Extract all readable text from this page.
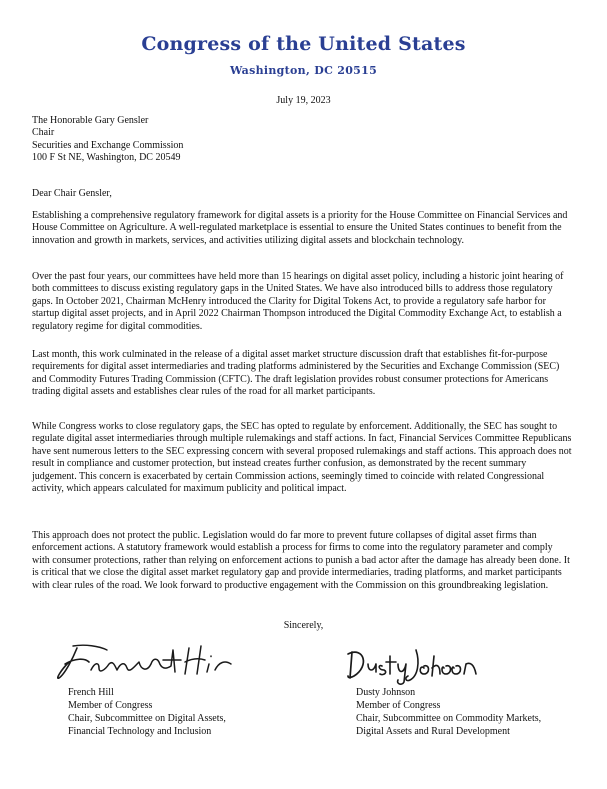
Congress of the United States
Washington, DC 20515
July 19, 2023
The Honorable Gary Gensler
Chair
Securities and Exchange Commission
100 F St NE, Washington, DC 20549
Dear Chair Gensler,
Establishing a comprehensive regulatory framework for digital assets is a priority for the House Committee on Financial Services and House Committee on Agriculture. A well-regulated marketplace is essential to ensure the United States continues to benefit from the innovation and growth in markets, services, and activities utilizing digital assets and blockchain technology.
Over the past four years, our committees have held more than 15 hearings on digital asset policy, including a historic joint hearing of both committees to discuss existing regulatory gaps in the United States. We have also introduced bills to address those regulatory gaps. In October 2021, Chairman McHenry introduced the Clarity for Digital Tokens Act, to provide a regulatory safe harbor for startup digital asset projects, and in April 2022 Chairman Thompson introduced the Digital Commodity Exchange Act, to establish a regulatory regime for digital commodities.
Last month, this work culminated in the release of a digital asset market structure discussion draft that establishes fit-for-purpose requirements for digital asset intermediaries and trading platforms administered by the Securities and Exchange Commission (SEC) and Commodity Futures Trading Commission (CFTC). The draft legislation provides robust consumer protections for Americans trading digital assets and establishes clear rules of the road for all market participants.
While Congress works to close regulatory gaps, the SEC has opted to regulate by enforcement. Additionally, the SEC has sought to regulate digital asset intermediaries through multiple rulemakings and staff actions. In fact, Financial Services Committee Republicans have sent numerous letters to the SEC expressing concern with several proposed rulemakings and staff actions. This approach does not result in compliance and customer protection, but instead creates further confusion, as demonstrated by the recent summary judgement. This concern is exacerbated by certain Commission actions, seemingly timed to coincide with related Congressional activity, which appears calculated for maximum publicity and political impact.
This approach does not protect the public. Legislation would do far more to prevent future collapses of digital asset firms than enforcement actions. A statutory framework would establish a process for firms to come into the regulatory parameter and comply with consumer protections, rather than relying on enforcement actions to punish a bad actor after the damage has already been done. It is critical that we close the digital asset market regulatory gap and provide intermediaries, trading platforms, and market participants with clear rules of the road. We look forward to productive engagement with the Commission on this groundbreaking legislation.
Sincerely,
French Hill
Member of Congress
Chair, Subcommittee on Digital Assets,
Financial Technology and Inclusion
Dusty Johnson
Member of Congress
Chair, Subcommittee on Commodity Markets,
Digital Assets and Rural Development
